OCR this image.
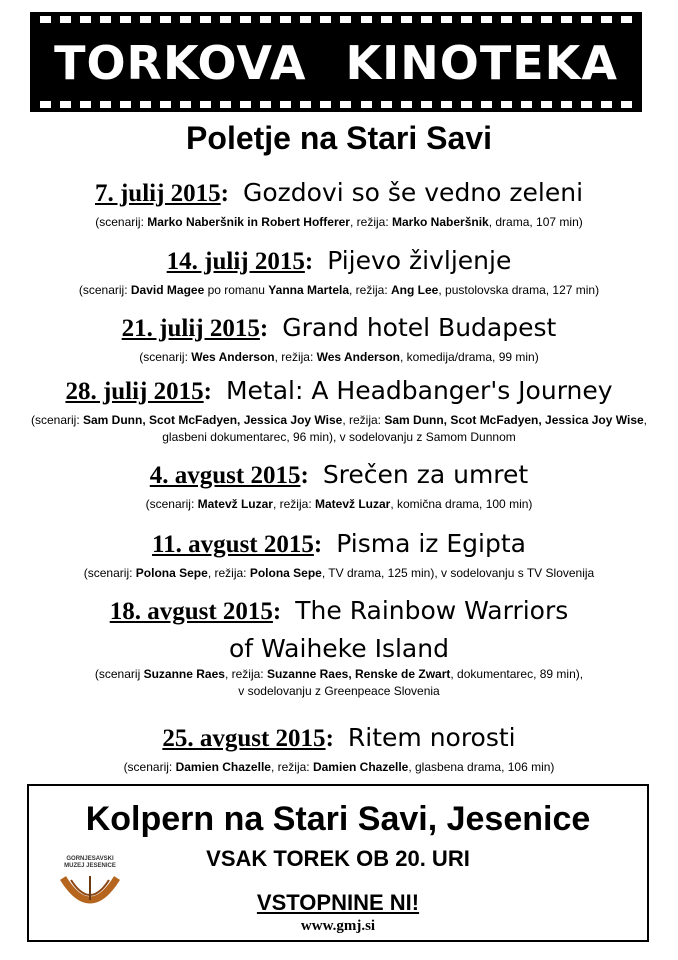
TORKOVA KINOTEKA
Poletje na Stari Savi
7. julij 2015: Gozdovi so še vedno zeleni
(scenarij: Marko Naberšnik in Robert Hofferer, režija: Marko Naberšnik, drama, 107 min)
14. julij 2015: Pijevo življenje
(scenarij: David Magee po romanu Yanna Martela, režija: Ang Lee, pustolovska drama, 127 min)
21. julij 2015: Grand hotel Budapest
(scenarij: Wes Anderson, režija: Wes Anderson, komedija/drama, 99 min)
28. julij 2015: Metal: A Headbanger's Journey
(scenarij: Sam Dunn, Scot McFadyen, Jessica Joy Wise, režija: Sam Dunn, Scot McFadyen, Jessica Joy Wise, glasbeni dokumentarec, 96 min), v sodelovanju z Samom Dunnom
4. avgust 2015: Srečen za umret
(scenarij: Matevž Luzar, režija: Matevž Luzar, komična drama, 100 min)
11. avgust 2015: Pisma iz Egipta
(scenarij: Polona Sepe, režija: Polona Sepe, TV drama, 125 min), v sodelovanju s TV Slovenija
18. avgust 2015: The Rainbow Warriors
of Waiheke Island
(scenarij Suzanne Raes, režija: Suzanne Raes, Renske de Zwart, dokumentarec, 89 min),
v sodelovanju z Greenpeace Slovenia
25. avgust 2015: Ritem norosti
(scenarij: Damien Chazelle, režija: Damien Chazelle, glasbena drama, 106 min)
Kolpern na Stari Savi, Jesenice
VSAK TOREK OB 20. URI
VSTOPNINE NI!
www.gmj.si
GORNJESAVSKI MUZEJ JESENICE
